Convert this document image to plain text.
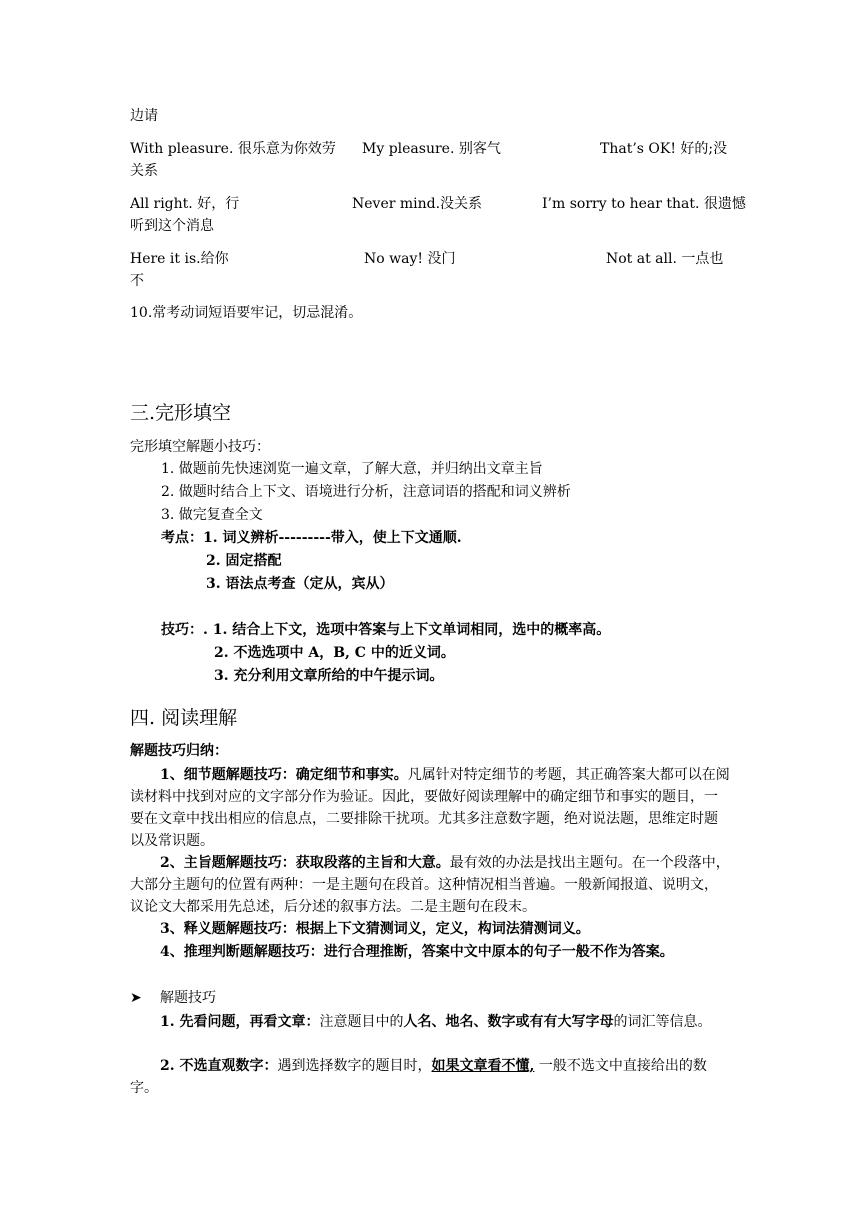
边请
With pleasure. 很乐意为你效劳 My pleasure. 别客气	That’s OK! 好的;没
关系
All right. 好，行	Never mind.没关系	I’m sorry to hear that. 很遗憾
听到这个消息
Here it is.给你	No way! 没门	Not at all. 一点也
不
10.常考动词短语要牢记，切忌混淆。
三.完形填空
完形填空解题小技巧：
1. 做题前先快速浏览一遍文章，了解大意，并归纳出文章主旨
2. 做题时结合上下文、语境进行分析，注意词语的搭配和词义辨析
3. 做完复查全文
考点：1. 词义辨析---------带入，使上下文通顺.
2. 固定搭配
3. 语法点考查（定从，宾从）
技巧：. 1. 结合上下文，选项中答案与上下文单词相同，选中的概率高。
2. 不选选项中 A，B, C 中的近义词。
3. 充分利用文章所给的中午提示词。
四. 阅读理解
解题技巧归纳：
1、细节题解题技巧：确定细节和事实。凡属针对特定细节的考题，其正确答案大都可以在阅读材料中找到对应的文字部分作为验证。因此，要做好阅读理解中的确定细节和事实的题目，一要在文章中找出相应的信息点，二要排除干扰项。尤其多注意数字题，绝对说法题，思维定时题以及常识题。
2、主旨题解题技巧：获取段落的主旨和大意。最有效的办法是找出主题句。在一个段落中，大部分主题句的位置有两种：一是主题句在段首。这种情况相当普遍。一般新闻报道、说明文，议论文大都采用先总述，后分述的叙事方法。二是主题句在段末。
3、释义题解题技巧：根据上下文猜测词义，定义，构词法猜测词义。
4、推理判断题解题技巧：进行合理推断，答案中文中原本的句子一般不作为答案。
➤ 解题技巧
1. 先看问题，再看文章：注意题目中的人名、地名、数字或有有大写字母的词汇等信息。
2. 不选直观数字：遇到选择数字的题目时，如果文章看不懂, 一般不选文中直接给出的数字。
